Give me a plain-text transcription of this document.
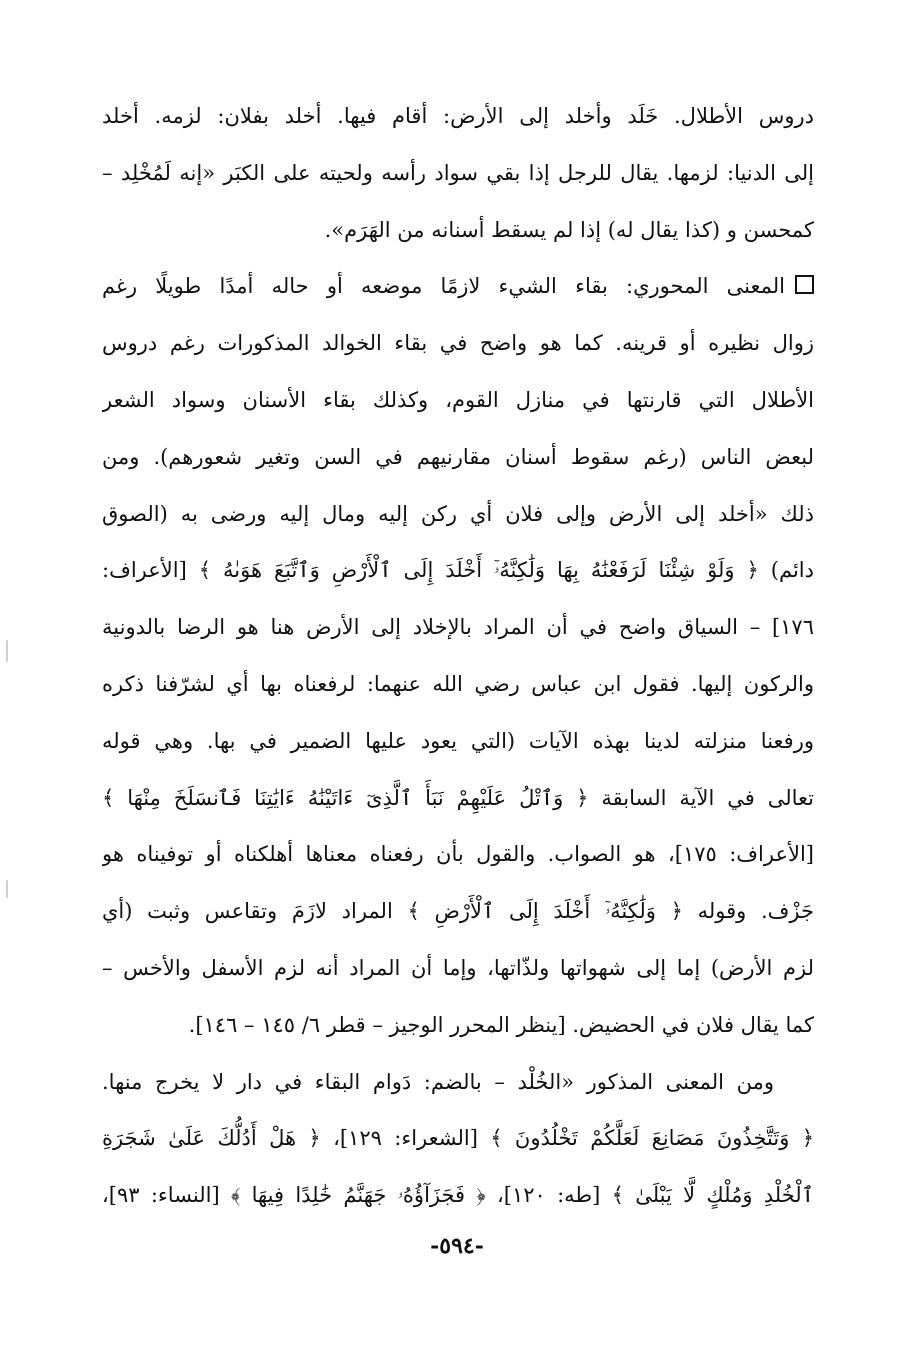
دروس الأطلال. خَلَد وأخلد إلى الأرض: أقام فيها. أخلد بفلان: لزمه. أخلد
إلى الدنيا: لزمها. يقال للرجل إذا بقي سواد رأسه ولحيته على الكبَر «إنه لَمُخْلِد –
كمحسن و (كذا يقال له) إذا لم يسقط أسنانه من الهَرَم».
المعنى المحوري: بقاء الشيء لازمًا موضعه أو حاله أمدًا طويلًا رغم
زوال نظيره أو قرينه. كما هو واضح في بقاء الخوالد المذكورات رغم دروس
الأطلال التي قارنتها في منازل القوم، وكذلك بقاء الأسنان وسواد الشعر
لبعض الناس (رغم سقوط أسنان مقارنيهم في السن وتغير شعورهم). ومن
ذلك «أخلد إلى الأرض وإلى فلان أي ركن إليه ومال إليه ورضى به (الصوق
دائم) ﴿ وَلَوْ شِئْنَا لَرَفَعْنَٰهُ بِهَا وَلَٰكِنَّهُۥٓ أَخْلَدَ إِلَى ٱلْأَرْضِ وَٱتَّبَعَ هَوَىٰهُ ﴾ [الأعراف:
١٧٦] – السياق واضح في أن المراد بالإخلاد إلى الأرض هنا هو الرضا بالدونية
والركون إليها. فقول ابن عباس رضي الله عنهما: لرفعناه بها أي لشرّفنا ذكره
ورفعنا منزلته لدينا بهذه الآيات (التي يعود عليها الضمير في بها. وهي قوله
تعالى في الآية السابقة ﴿ وَٱتْلُ عَلَيْهِمْ نَبَأَ ٱلَّذِىٓ ءَاتَيْنَٰهُ ءَايَٰتِنَا فَٱنسَلَخَ مِنْهَا ﴾
[الأعراف: ١٧٥]، هو الصواب. والقول بأن رفعناه معناها أهلكناه أو توفيناه هو
جَزْف. وقوله ﴿ وَلَٰكِنَّهُۥٓ أَخْلَدَ إِلَى ٱلْأَرْضِ ﴾ المراد لازَمَ وتقاعس وثبت (أي
لزم الأرض) إما إلى شهواتها ولذّاتها، وإما أن المراد أنه لزم الأسفل والأخس –
كما يقال فلان في الحضيض. [ينظر المحرر الوجيز – قطر ٦/ ١٤٥ – ١٤٦].
ومن المعنى المذكور «الخُلْد – بالضم: دَوام البقاء في دار لا يخرج منها.
﴿ وَتَتَّخِذُونَ مَصَانِعَ لَعَلَّكُمْ تَخْلُدُونَ ﴾ [الشعراء: ١٢٩]، ﴿ هَلْ أَدُلُّكَ عَلَىٰ شَجَرَةِ
ٱلْخُلْدِ وَمُلْكٍ لَّا يَبْلَىٰ ﴾ [طه: ١٢٠]، ﴿ فَجَزَآؤُهُۥ جَهَنَّمُ خَٰلِدًا فِيهَا ﴾ [النساء: ٩٣]،
-٥٩٤-
